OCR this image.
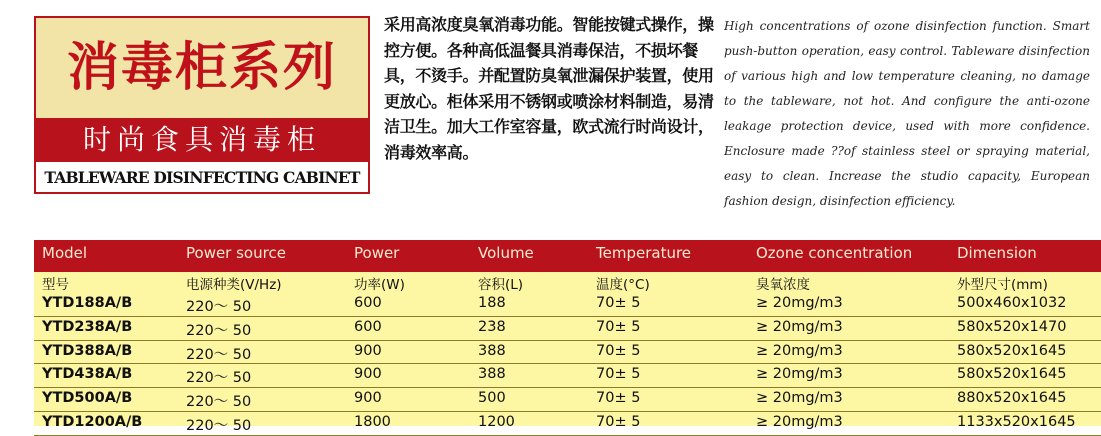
消毒柜系列
时尚食具消毒柜
TABLEWARE DISINFECTING CABINET
采用高浓度臭氧消毒功能。智能按键式操作，操控方便。各种高低温餐具消毒保洁，不损坏餐具，不烫手。并配置防臭氧泄漏保护装置，使用更放心。柜体采用不锈钢或喷涂材料制造，易清洁卫生。加大工作室容量，欧式流行时尚设计，消毒效率高。
High concentrations of ozone disinfection function. Smart push-button operation, easy control. Tableware disinfection of various high and low temperature cleaning, no damage to the tableware, not hot. And configure the anti-ozone leakage protection device, used with more confidence. Enclosure made ??of stainless steel or spraying material, easy to clean. Increase the studio capacity, European fashion design, disinfection efficiency.
Model	Power source	Power	Volume	Temperature	Ozone concentration	Dimension
型号	电源种类(V/Hz)	功率(W)	容积(L)	温度(°C)	臭氧浓度	外型尺寸(mm)
YTD188A/B	220～ 50	600	188	70± 5	≥ 20mg/m3	500x460x1032
YTD238A/B	220～ 50	600	238	70± 5	≥ 20mg/m3	580x520x1470
YTD388A/B	220～ 50	900	388	70± 5	≥ 20mg/m3	580x520x1645
YTD438A/B	220～ 50	900	388	70± 5	≥ 20mg/m3	580x520x1645
YTD500A/B	220～ 50	900	500	70± 5	≥ 20mg/m3	880x520x1645
YTD1200A/B	220～ 50	1800	1200	70± 5	≥ 20mg/m3	1133x520x1645
